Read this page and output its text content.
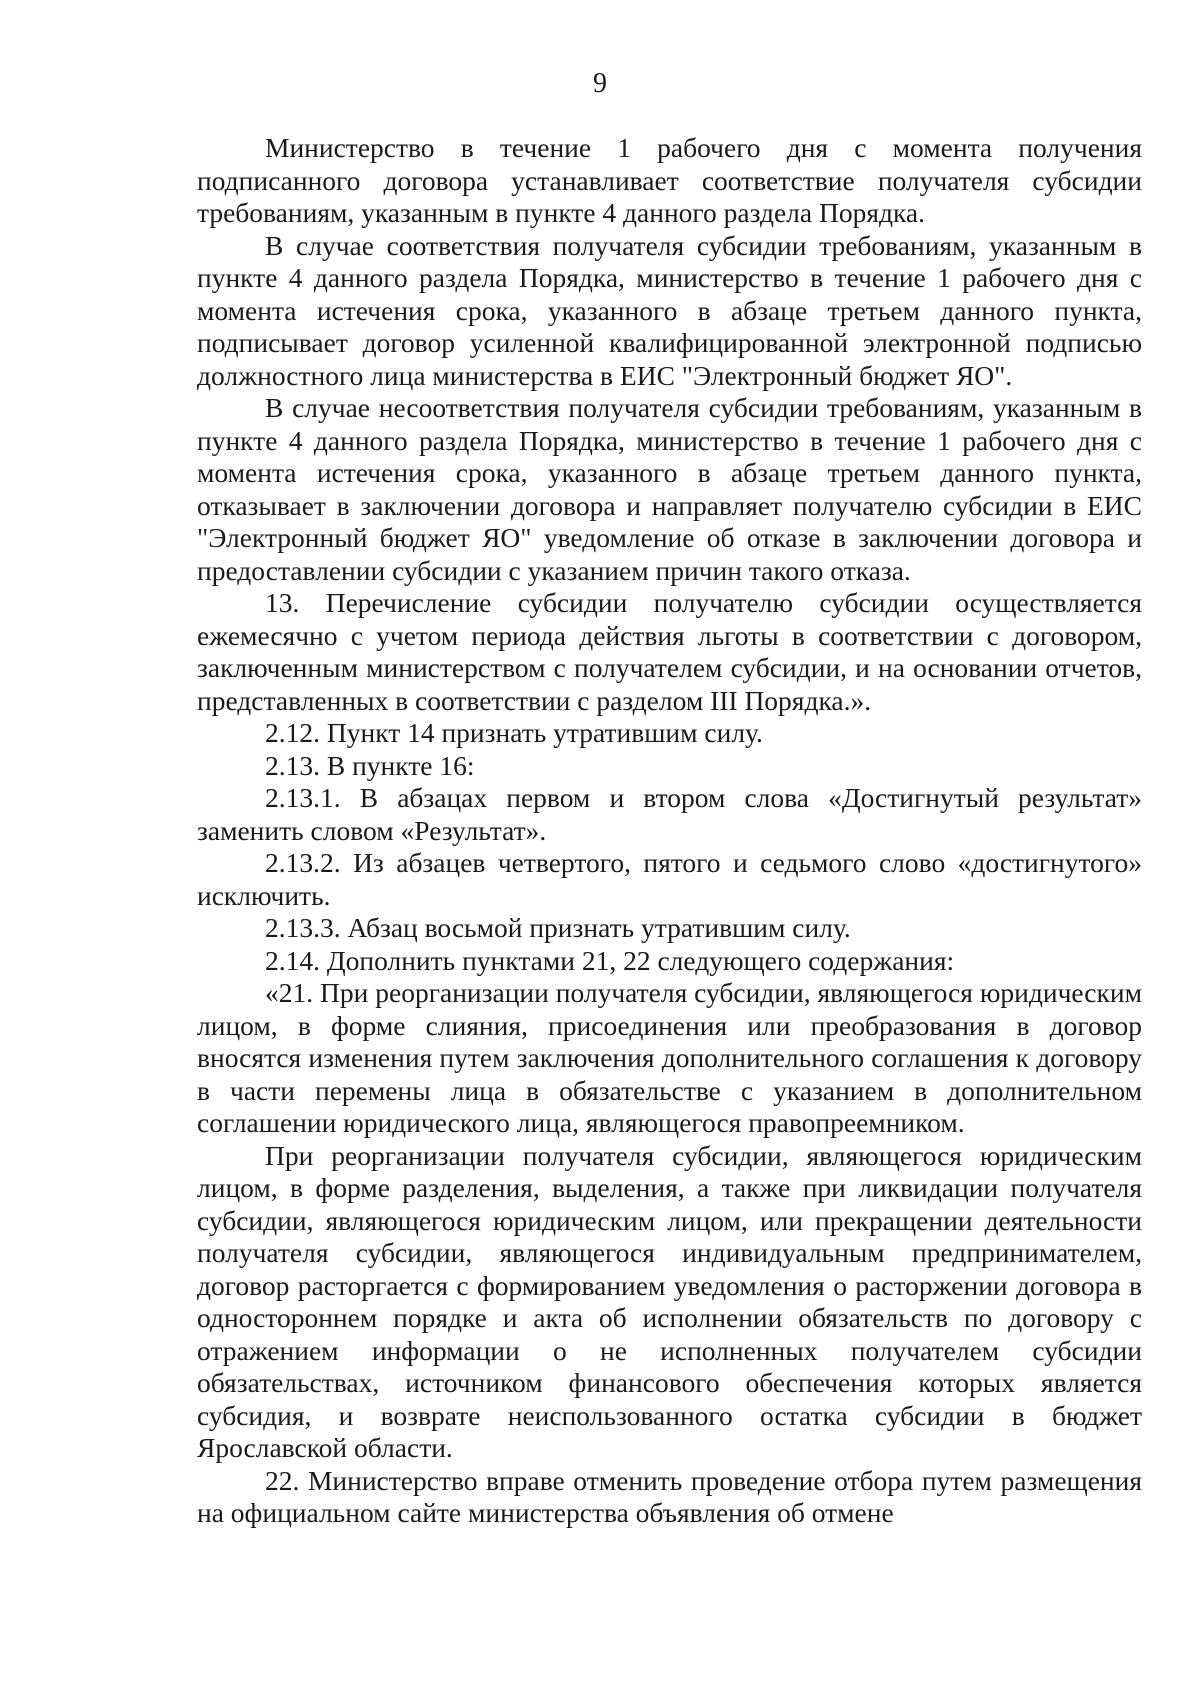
9

Министерство в течение 1 рабочего дня с момента получения подписанного договора устанавливает соответствие получателя субсидии требованиям, указанным в пункте 4 данного раздела Порядка.

В случае соответствия получателя субсидии требованиям, указанным в пункте 4 данного раздела Порядка, министерство в течение 1 рабочего дня с момента истечения срока, указанного в абзаце третьем данного пункта, подписывает договор усиленной квалифицированной электронной подписью должностного лица министерства в ЕИС "Электронный бюджет ЯО".

В случае несоответствия получателя субсидии требованиям, указанным в пункте 4 данного раздела Порядка, министерство в течение 1 рабочего дня с момента истечения срока, указанного в абзаце третьем данного пункта, отказывает в заключении договора и направляет получателю субсидии в ЕИС "Электронный бюджет ЯО" уведомление об отказе в заключении договора и предоставлении субсидии с указанием причин такого отказа.

13. Перечисление субсидии получателю субсидии осуществляется ежемесячно с учетом периода действия льготы в соответствии с договором, заключенным министерством с получателем субсидии, и на основании отчетов, представленных в соответствии с разделом III Порядка.».

2.12. Пункт 14 признать утратившим силу.

2.13. В пункте 16:

2.13.1. В абзацах первом и втором слова «Достигнутый результат» заменить словом «Результат».

2.13.2. Из абзацев четвертого, пятого и седьмого слово «достигнутого» исключить.

2.13.3. Абзац восьмой признать утратившим силу.

2.14. Дополнить пунктами 21, 22 следующего содержания:

«21. При реорганизации получателя субсидии, являющегося юридическим лицом, в форме слияния, присоединения или преобразования в договор вносятся изменения путем заключения дополнительного соглашения к договору в части перемены лица в обязательстве с указанием в дополнительном соглашении юридического лица, являющегося правопреемником.

При реорганизации получателя субсидии, являющегося юридическим лицом, в форме разделения, выделения, а также при ликвидации получателя субсидии, являющегося юридическим лицом, или прекращении деятельности получателя субсидии, являющегося индивидуальным предпринимателем, договор расторгается с формированием уведомления о расторжении договора в одностороннем порядке и акта об исполнении обязательств по договору с отражением информации о не исполненных получателем субсидии обязательствах, источником финансового обеспечения которых является субсидия, и возврате неиспользованного остатка субсидии в бюджет Ярославской области.

22. Министерство вправе отменить проведение отбора путем размещения на официальном сайте министерства объявления об отмене
